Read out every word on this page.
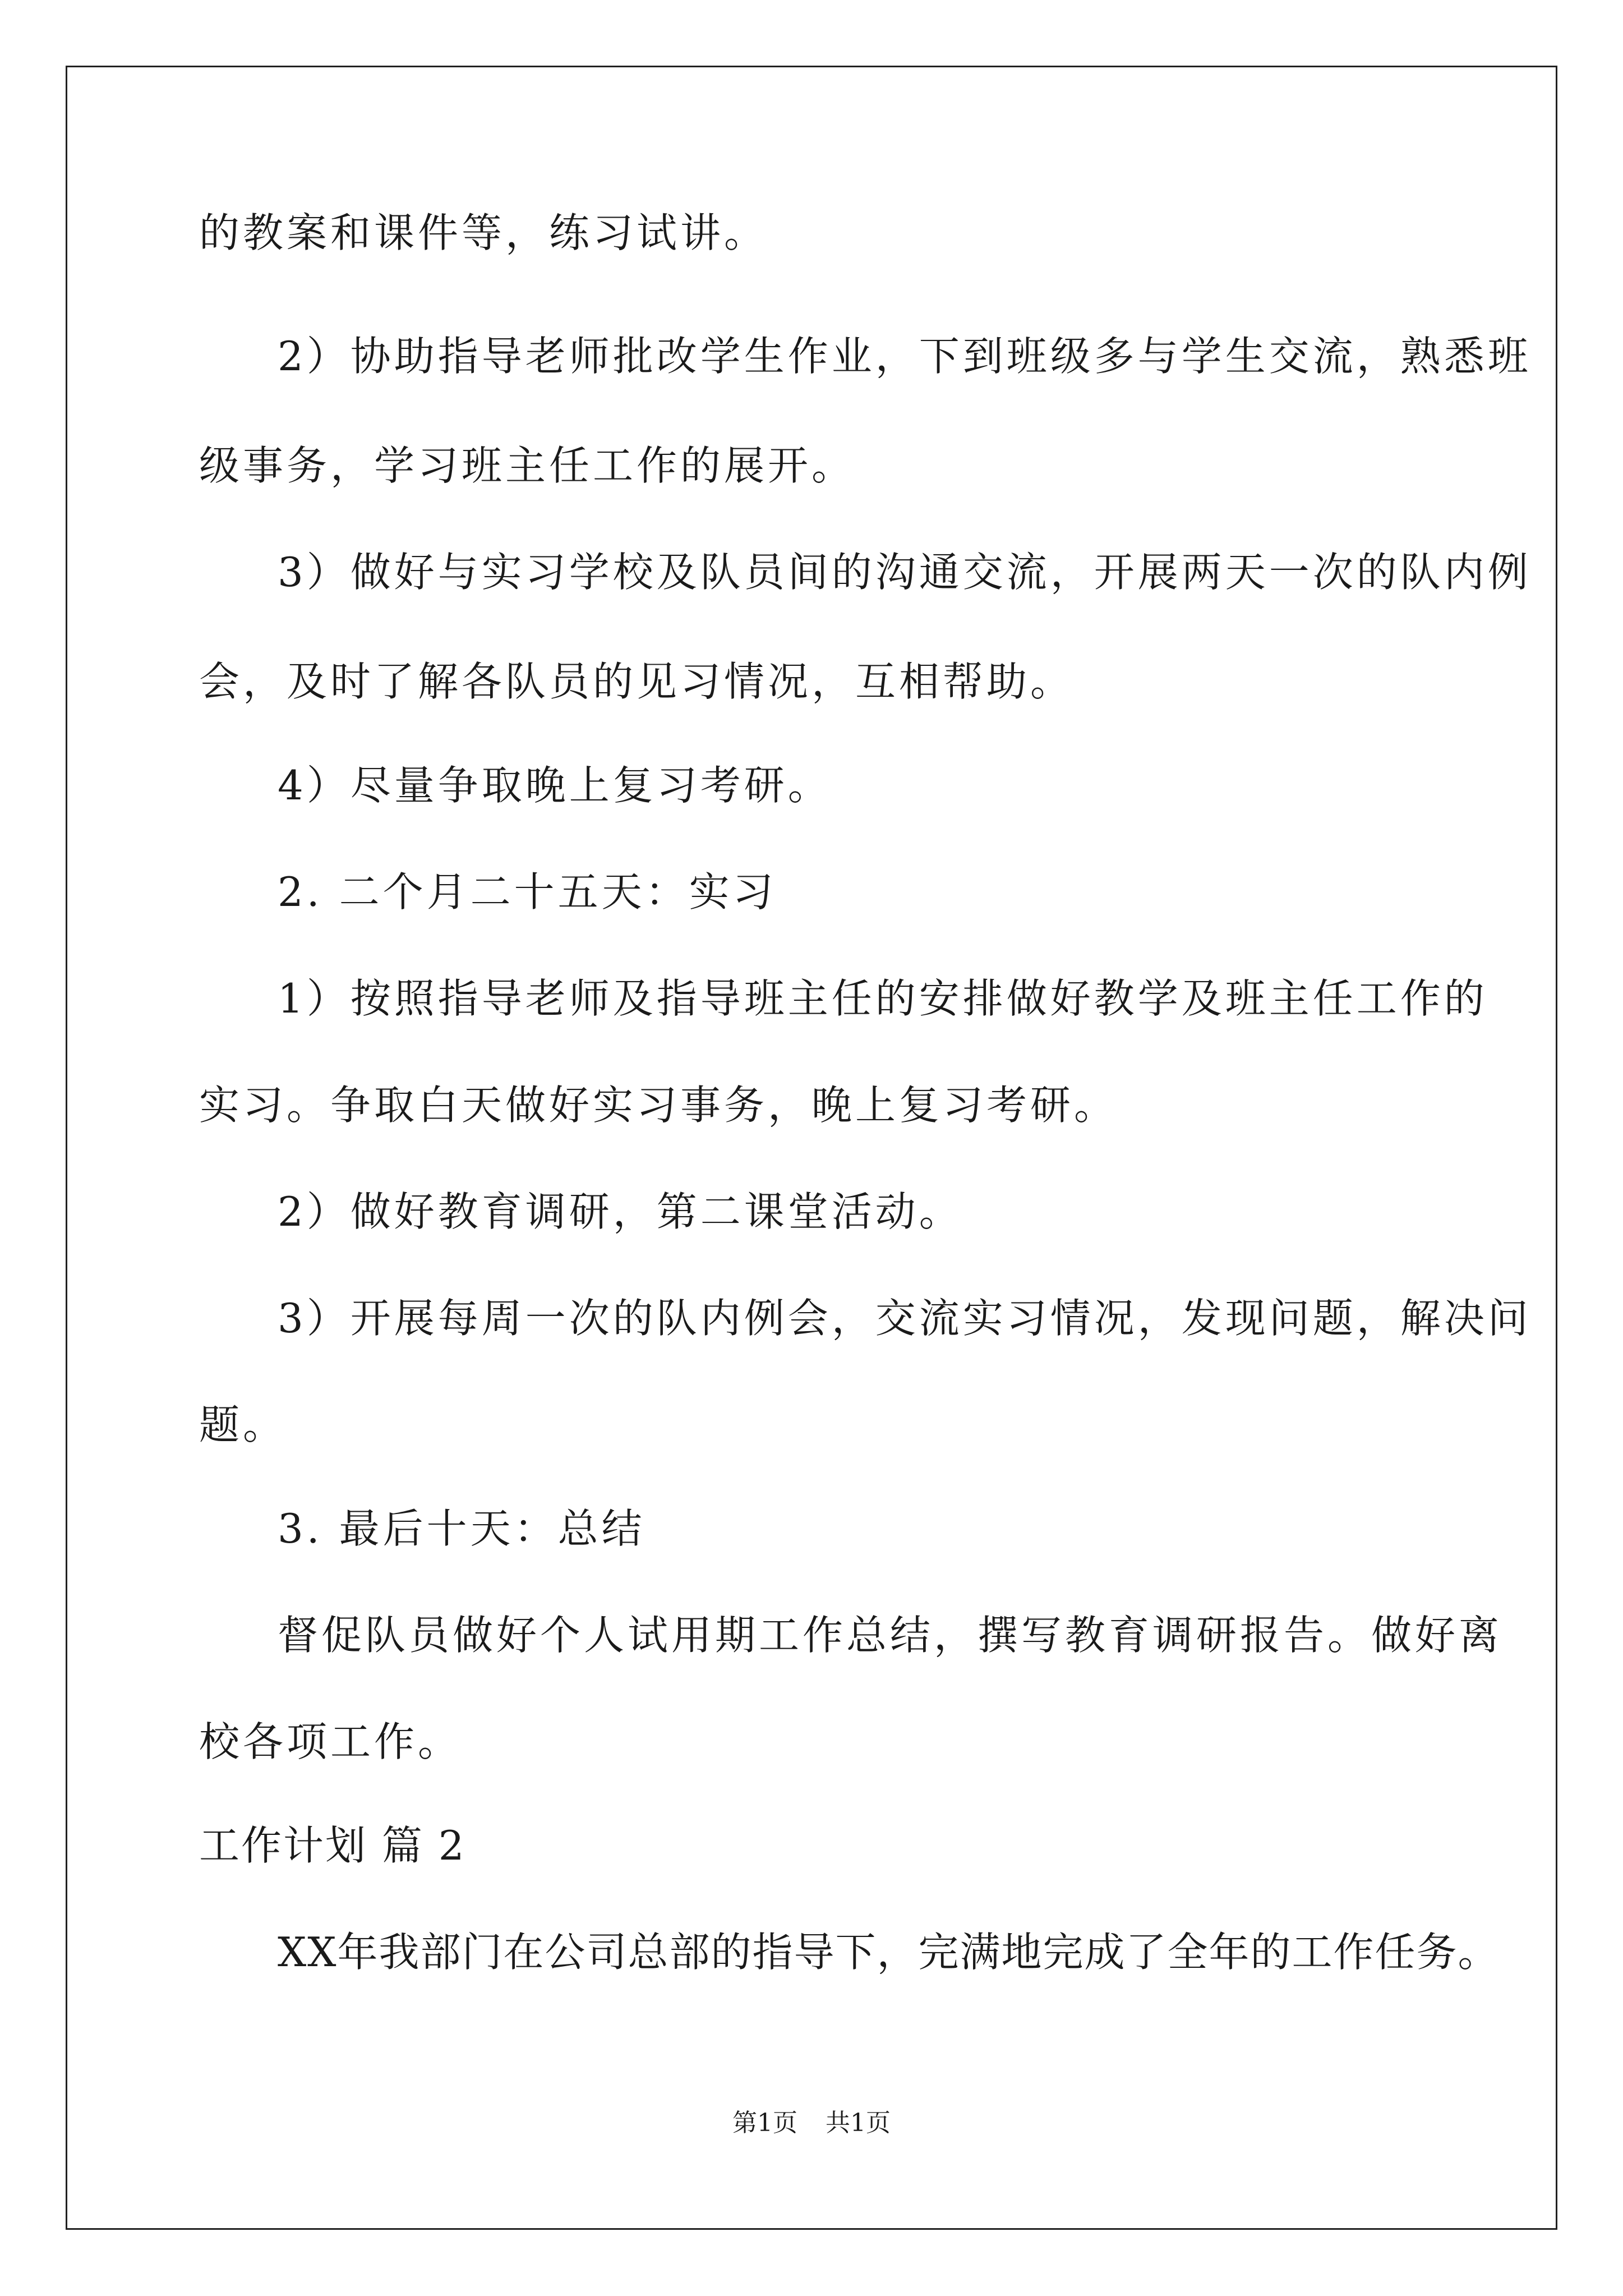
的教案和课件等，练习试讲。
2）协助指导老师批改学生作业，下到班级多与学生交流，熟悉班
级事务，学习班主任工作的展开。
3）做好与实习学校及队员间的沟通交流，开展两天一次的队内例
会，及时了解各队员的见习情况，互相帮助。
4）尽量争取晚上复习考研。
2. 二个月二十五天：实习
1）按照指导老师及指导班主任的安排做好教学及班主任工作的
实习。争取白天做好实习事务，晚上复习考研。
2）做好教育调研，第二课堂活动。
3）开展每周一次的队内例会，交流实习情况，发现问题，解决问
题。
3. 最后十天：总结
督促队员做好个人试用期工作总结，撰写教育调研报告。做好离
校各项工作。
工作计划 篇 2
XX年我部门在公司总部的指导下，完满地完成了全年的工作任务。
第1页 共1页
